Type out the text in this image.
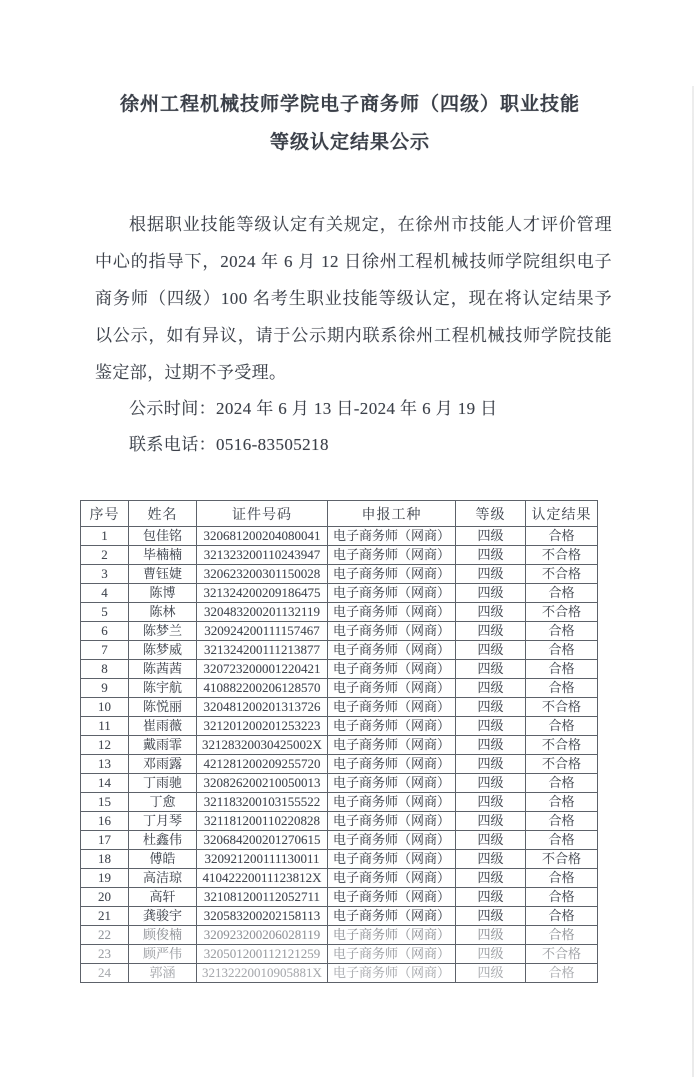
徐州工程机械技师学院电子商务师（四级）职业技能
等级认定结果公示

根据职业技能等级认定有关规定，在徐州市技能人才评价管理中心的指导下，2024 年 6 月 12 日徐州工程机械技师学院组织电子商务师（四级）100 名考生职业技能等级认定，现在将认定结果予以公示，如有异议，请于公示期内联系徐州工程机械技师学院技能鉴定部，过期不予受理。

公示时间：2024 年 6 月 13 日-2024 年 6 月 19 日
联系电话：0516-83505218
序号	姓名	证件号码	申报工种	等级	认定结果
1	包佳铭	320681200204080041	电子商务师（网商）	四级	合格
2	毕楠楠	321323200110243947	电子商务师（网商）	四级	不合格
3	曹钰婕	320623200301150028	电子商务师（网商）	四级	不合格
4	陈博	321324200209186475	电子商务师（网商）	四级	合格
5	陈林	320483200201132119	电子商务师（网商）	四级	不合格
6	陈梦兰	320924200111157467	电子商务师（网商）	四级	合格
7	陈梦威	321324200111213877	电子商务师（网商）	四级	合格
8	陈茜茜	320723200001220421	电子商务师（网商）	四级	合格
9	陈宇航	410882200206128570	电子商务师（网商）	四级	合格
10	陈悦丽	320481200201313726	电子商务师（网商）	四级	不合格
11	崔雨薇	321201200201253223	电子商务师（网商）	四级	合格
12	戴雨霏	32128320030425002X	电子商务师（网商）	四级	不合格
13	邓雨露	421281200209255720	电子商务师（网商）	四级	不合格
14	丁雨驰	320826200210050013	电子商务师（网商）	四级	合格
15	丁愈	321183200103155522	电子商务师（网商）	四级	合格
16	丁月琴	321181200110220828	电子商务师（网商）	四级	合格
17	杜鑫伟	320684200201270615	电子商务师（网商）	四级	合格
18	傅皓	320921200111130011	电子商务师（网商）	四级	不合格
19	高洁琼	41042220011123812X	电子商务师（网商）	四级	合格
20	高轩	321081200112052711	电子商务师（网商）	四级	合格
21	龚骏宇	320583200202158113	电子商务师（网商）	四级	合格
22	顾俊楠	320923200206028119	电子商务师（网商）	四级	合格
23	顾严伟	320501200112121259	电子商务师（网商）	四级	不合格
24	郭涵	32132220010905881X	电子商务师（网商）	四级	合格
